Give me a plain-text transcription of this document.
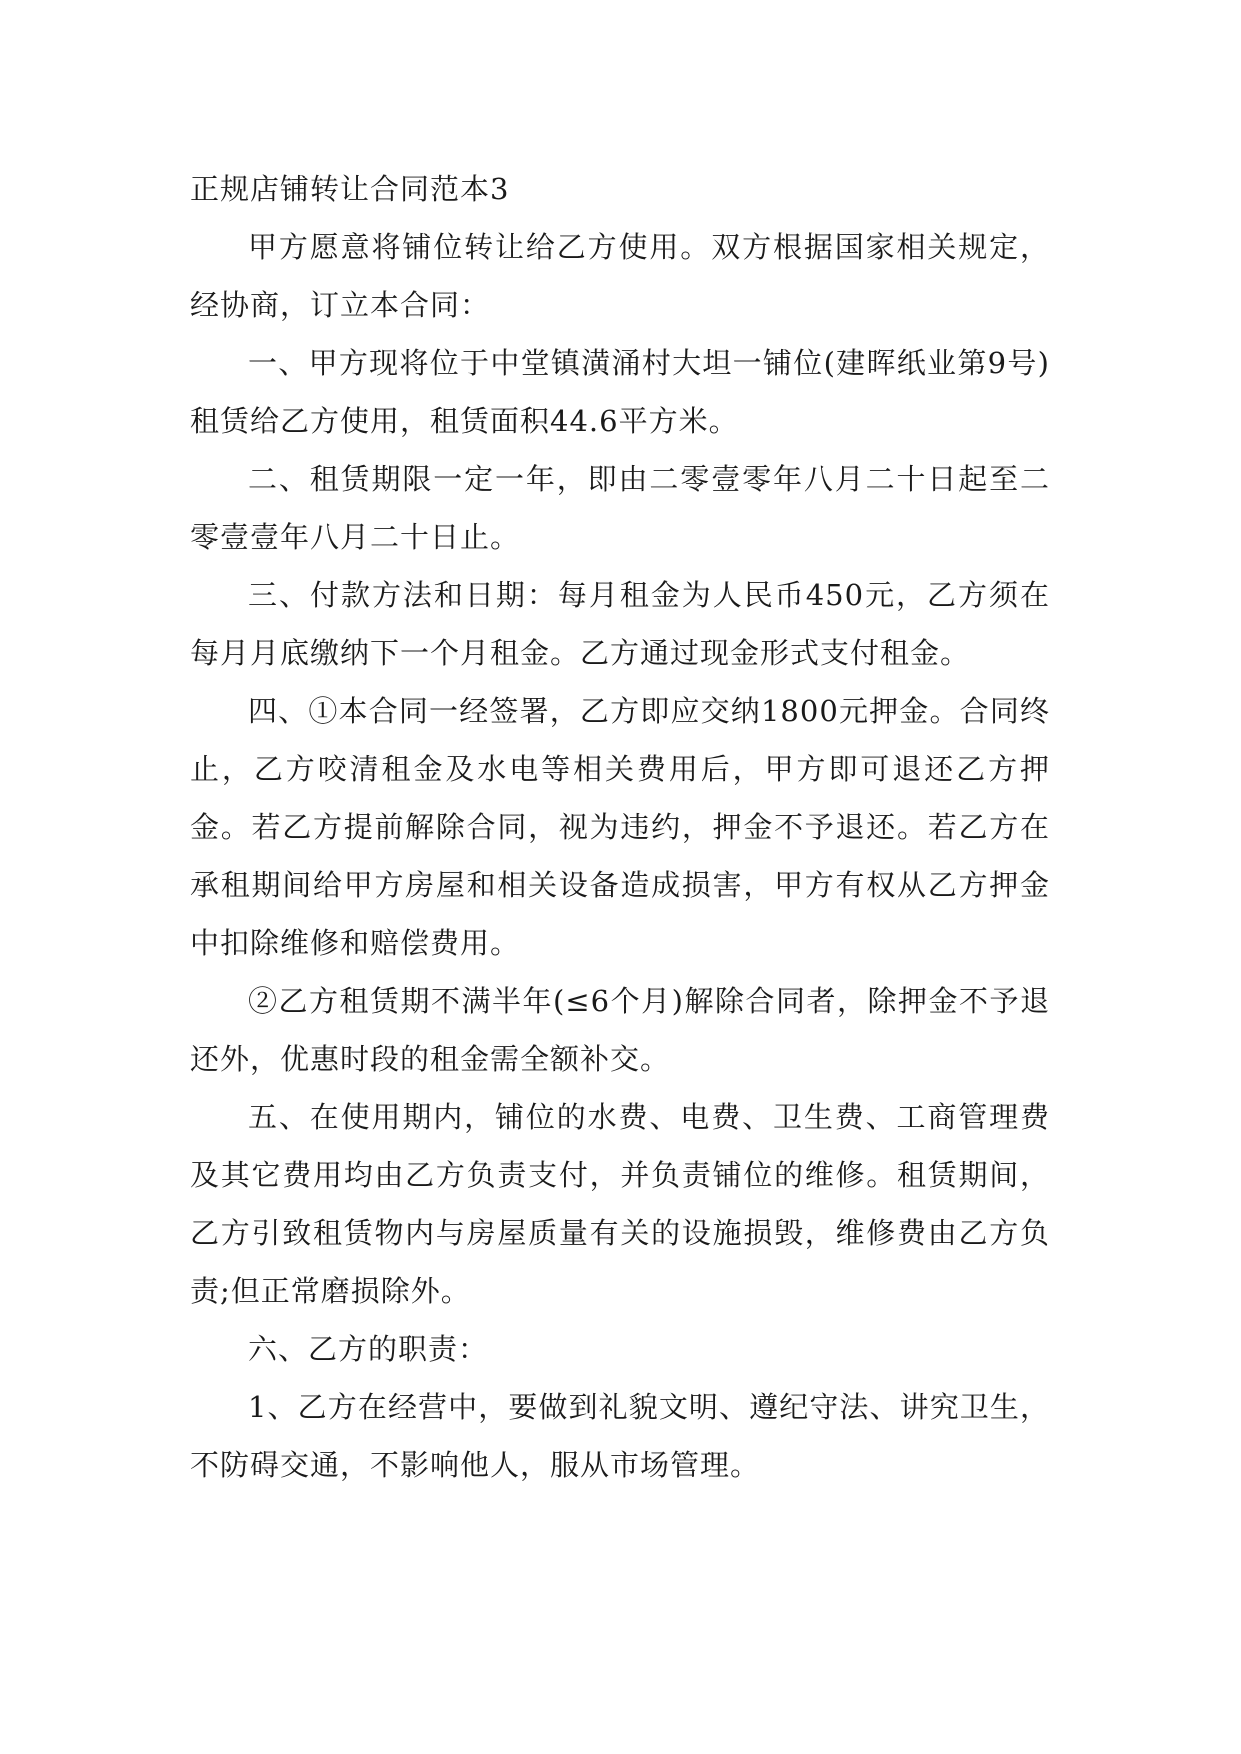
正规店铺转让合同范本3

甲方愿意将铺位转让给乙方使用。双方根据国家相关规定，经协商，订立本合同：

一、甲方现将位于中堂镇潢涌村大坦一铺位(建晖纸业第9号)租赁给乙方使用，租赁面积44.6平方米。

二、租赁期限一定一年，即由二零壹零年八月二十日起至二零壹壹年八月二十日止。

三、付款方法和日期：每月租金为人民币450元，乙方须在每月月底缴纳下一个月租金。乙方通过现金形式支付租金。

四、①本合同一经签署，乙方即应交纳1800元押金。合同终止，乙方咬清租金及水电等相关费用后，甲方即可退还乙方押金。若乙方提前解除合同，视为违约，押金不予退还。若乙方在承租期间给甲方房屋和相关设备造成损害，甲方有权从乙方押金中扣除维修和赔偿费用。

②乙方租赁期不满半年(≤6个月)解除合同者，除押金不予退还外，优惠时段的租金需全额补交。

五、在使用期内，铺位的水费、电费、卫生费、工商管理费及其它费用均由乙方负责支付，并负责铺位的维修。租赁期间，乙方引致租赁物内与房屋质量有关的设施损毁，维修费由乙方负责;但正常磨损除外。

六、乙方的职责：

1、乙方在经营中，要做到礼貌文明、遵纪守法、讲究卫生，不防碍交通，不影响他人，服从市场管理。
